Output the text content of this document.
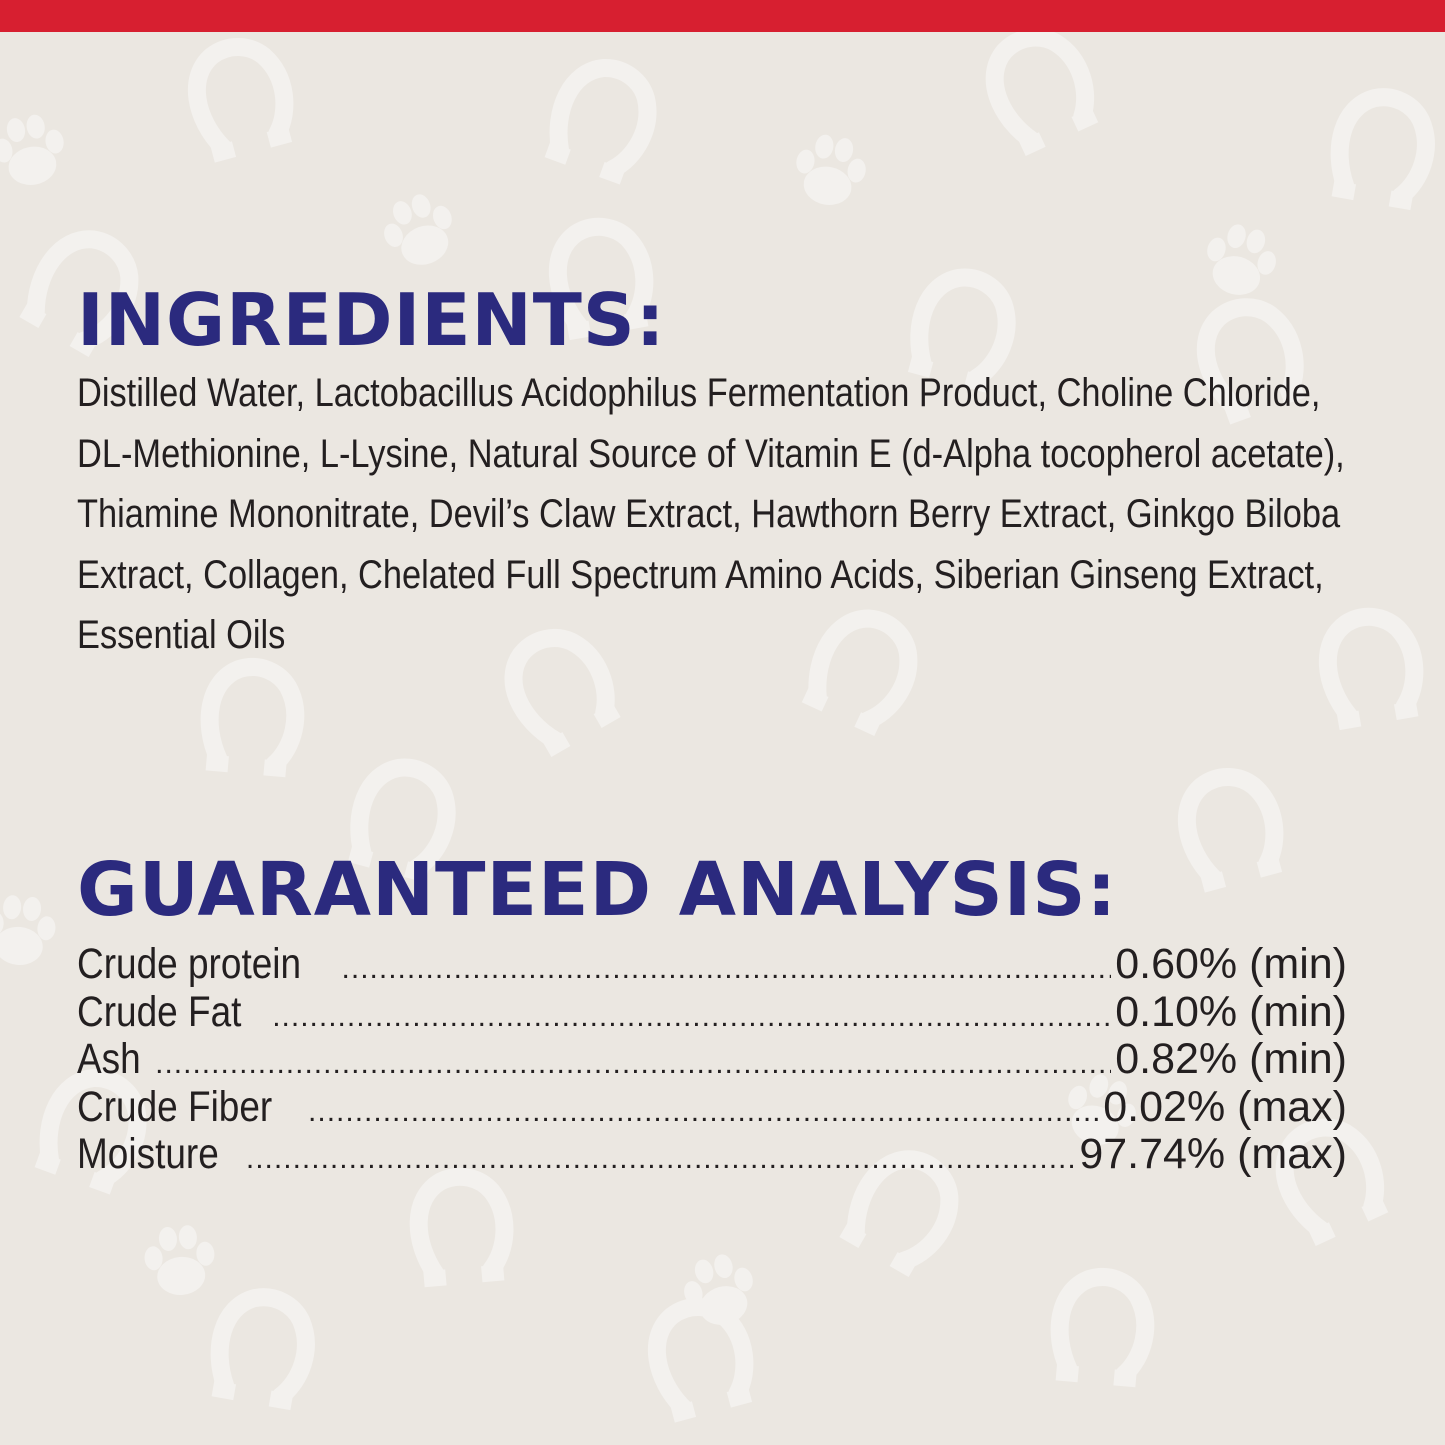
INGREDIENTS:

Distilled Water, Lactobacillus Acidophilus Fermentation Product, Choline Chloride, DL-Methionine, L-Lysine, Natural Source of Vitamin E (d-Alpha tocopherol acetate), Thiamine Mononitrate, Devil’s Claw Extract, Hawthorn Berry Extract, Ginkgo Biloba Extract, Collagen, Chelated Full Spectrum Amino Acids, Siberian Ginseng Extract, Essential Oils

GUARANTEED ANALYSIS:
Crude protein .....	0.60% (min)
Crude Fat .....	0.10% (min)
Ash .....	0.82% (min)
Crude Fiber .....	0.02% (max)
Moisture .....	97.74% (max)
